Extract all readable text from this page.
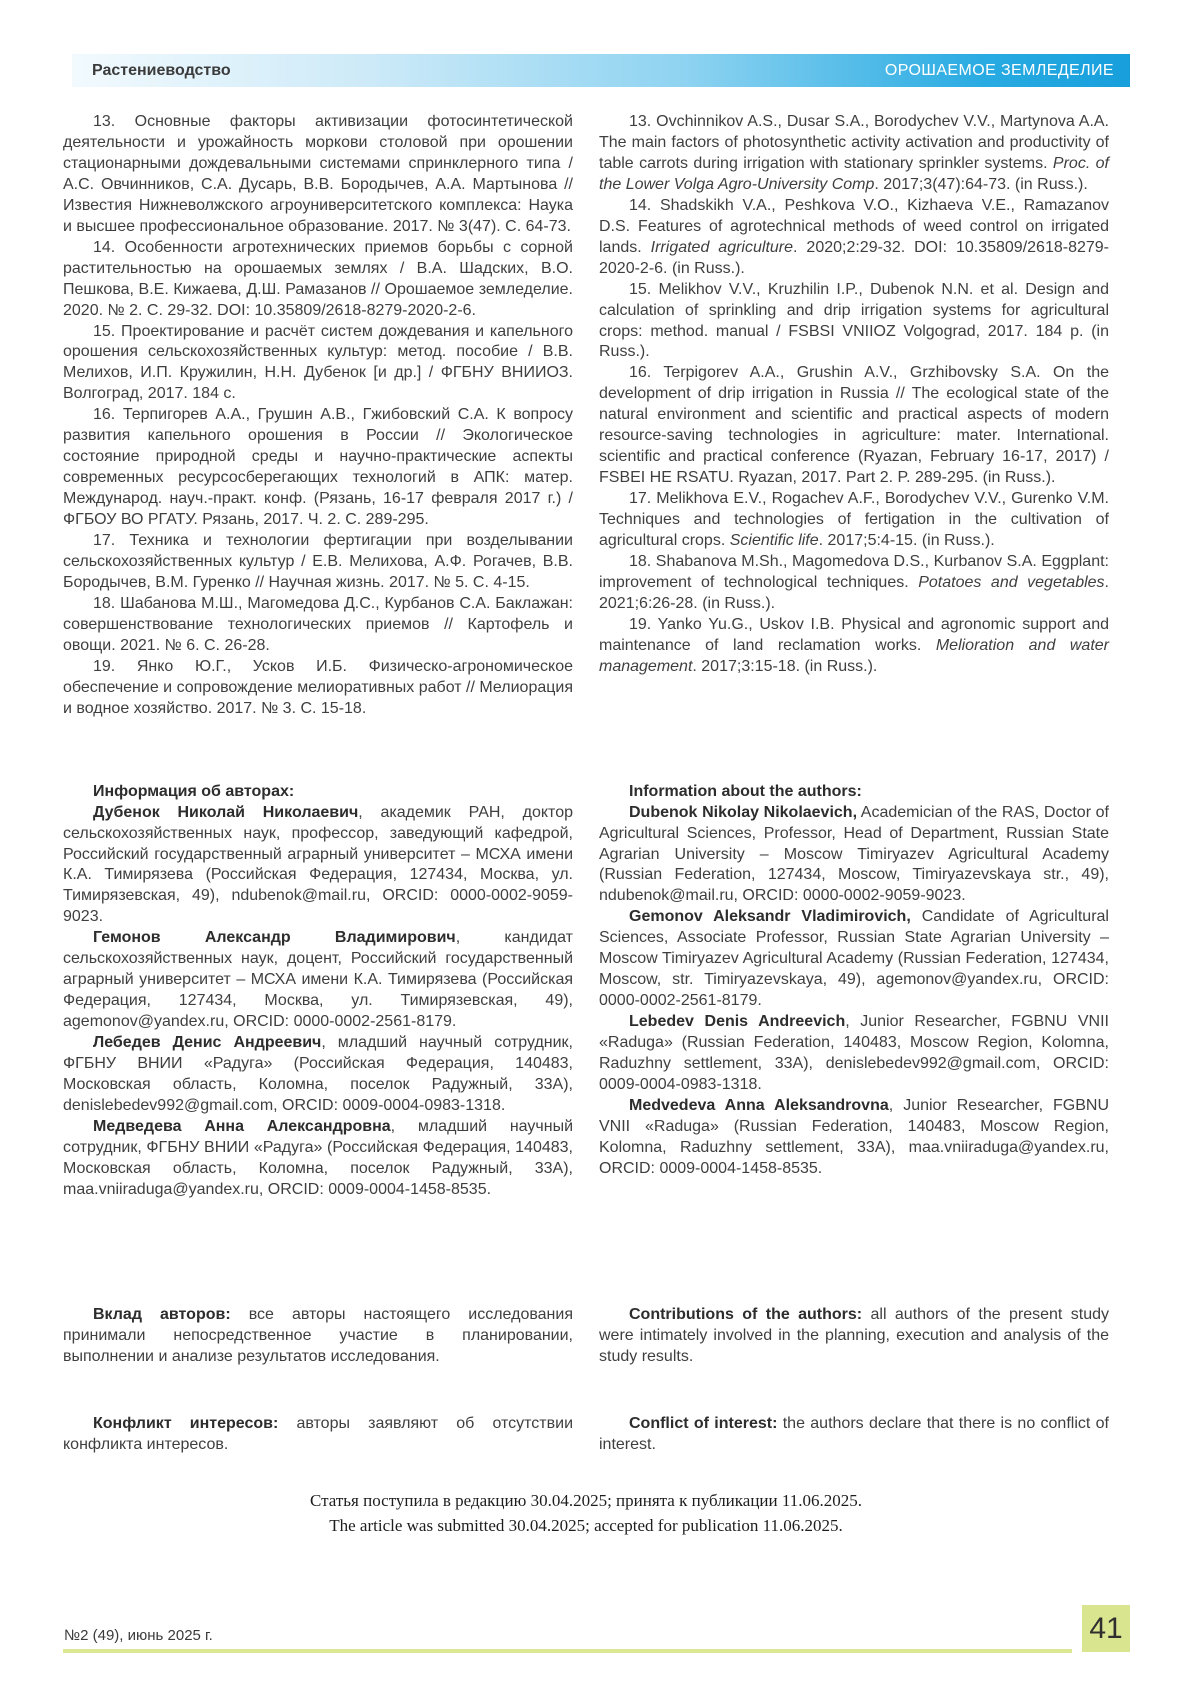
Растениеводство	ОРОШАЕМОЕ ЗЕМЛЕДЕЛИЕ

13. Основные факторы активизации фотосинтетической деятельности и урожайность моркови столовой при орошении стационарными дождевальными системами спринклерного типа / А.С. Овчинников, С.А. Дусарь, В.В. Бородычев, А.А. Мартынова // Известия Нижневолжского агроуниверситетского комплекса: Наука и высшее профессиональное образование. 2017. № 3(47). С. 64-73.

14. Особенности агротехнических приемов борьбы с сорной растительностью на орошаемых землях / В.А. Шадских, В.О. Пешкова, В.Е. Кижаева, Д.Ш. Рамазанов // Орошаемое земледелие. 2020. № 2. С. 29-32. DOI: 10.35809/2618-8279-2020-2-6.

15. Проектирование и расчёт систем дождевания и капельного орошения сельскохозяйственных культур: метод. пособие / В.В. Мелихов, И.П. Кружилин, Н.Н. Дубенок [и др.] / ФГБНУ ВНИИОЗ. Волгоград, 2017. 184 с.

16. Терпигорев А.А., Грушин А.В., Гжибовский С.А. К вопросу развития капельного орошения в России // Экологическое состояние природной среды и научно-практические аспекты современных ресурсосберегающих технологий в АПК: матер. Международ. науч.-практ. конф. (Рязань, 16-17 февраля 2017 г.) / ФГБОУ ВО РГАТУ. Рязань, 2017. Ч. 2. С. 289-295.

17. Техника и технологии фертигации при возделывании сельскохозяйственных культур / Е.В. Мелихова, А.Ф. Рогачев, В.В. Бородычев, В.М. Гуренко // Научная жизнь. 2017. № 5. С. 4-15.

18. Шабанова М.Ш., Магомедова Д.С., Курбанов С.А. Баклажан: совершенствование технологических приемов // Картофель и овощи. 2021. № 6. С. 26-28.

19. Янко Ю.Г., Усков И.Б. Физическо-агрономическое обеспечение и сопровождение мелиоративных работ // Мелиорация и водное хозяйство. 2017. № 3. С. 15-18.

13. Ovchinnikov A.S., Dusar S.A., Borodychev V.V., Martynova A.A. The main factors of photosynthetic activity activation and productivity of table carrots during irrigation with stationary sprinkler systems. Proc. of the Lower Volga Agro-University Comp. 2017;3(47):64-73. (in Russ.).

14. Shadskikh V.A., Peshkova V.O., Kizhaeva V.E., Ramazanov D.S. Features of agrotechnical methods of weed control on irrigated lands. Irrigated agriculture. 2020;2:29-32. DOI: 10.35809/2618-8279-2020-2-6. (in Russ.).

15. Melikhov V.V., Kruzhilin I.P., Dubenok N.N. et al. Design and calculation of sprinkling and drip irrigation systems for agricultural crops: method. manual / FSBSI VNIIOZ Volgograd, 2017. 184 p. (in Russ.).

16. Terpigorev A.A., Grushin A.V., Grzhibovsky S.A. On the development of drip irrigation in Russia // The ecological state of the natural environment and scientific and practical aspects of modern resource-saving technologies in agriculture: mater. International. scientific and practical conference (Ryazan, February 16-17, 2017) / FSBEI HE RSATU. Ryazan, 2017. Part 2. P. 289-295. (in Russ.).

17. Melikhova E.V., Rogachev A.F., Borodychev V.V., Gurenko V.M. Techniques and technologies of fertigation in the cultivation of agricultural crops. Scientific life. 2017;5:4-15. (in Russ.).

18. Shabanova M.Sh., Magomedova D.S., Kurbanov S.A. Eggplant: improvement of technological techniques. Potatoes and vegetables. 2021;6:26-28. (in Russ.).

19. Yanko Yu.G., Uskov I.B. Physical and agronomic support and maintenance of land reclamation works. Melioration and water management. 2017;3:15-18. (in Russ.).

Информация об авторах:

Дубенок Николай Николаевич, академик РАН, доктор сельскохозяйственных наук, профессор, заведующий кафедрой, Российский государственный аграрный университет – МСХА имени К.А. Тимирязева (Российская Федерация, 127434, Москва, ул. Тимирязевская, 49), ndubenok@mail.ru, ORCID: 0000-0002-9059-9023.

Гемонов Александр Владимирович, кандидат сельскохозяйственных наук, доцент, Российский государственный аграрный университет – МСХА имени К.А. Тимирязева (Российская Федерация, 127434, Москва, ул. Тимирязевская, 49), agemonov@yandex.ru, ORCID: 0000-0002-2561-8179.

Лебедев Денис Андреевич, младший научный сотрудник, ФГБНУ ВНИИ «Радуга» (Российская Федерация, 140483, Московская область, Коломна, поселок Радужный, 33А), denislebedev992@gmail.com, ORCID: 0009-0004-0983-1318.

Медведева Анна Александровна, младший научный сотрудник, ФГБНУ ВНИИ «Радуга» (Российская Федерация, 140483, Московская область, Коломна, поселок Радужный, 33А), maa.vniiraduga@yandex.ru, ORCID: 0009-0004-1458-8535.

Information about the authors:

Dubenok Nikolay Nikolaevich, Academician of the RAS, Doctor of Agricultural Sciences, Professor, Head of Department, Russian State Agrarian University – Moscow Timiryazev Agricultural Academy (Russian Federation, 127434, Moscow, Timiryazevskaya str., 49), ndubenok@mail.ru, ORCID: 0000-0002-9059-9023.

Gemonov Aleksandr Vladimirovich, Candidate of Agricultural Sciences, Associate Professor, Russian State Agrarian University – Moscow Timiryazev Agricultural Academy (Russian Federation, 127434, Moscow, str. Timiryazevskaya, 49), agemonov@yandex.ru, ORCID: 0000-0002-2561-8179.

Lebedev Denis Andreevich, Junior Researcher, FGBNU VNII «Raduga» (Russian Federation, 140483, Moscow Region, Kolomna, Raduzhny settlement, 33A), denislebedev992@gmail.com, ORCID: 0009-0004-0983-1318.

Medvedeva Anna Aleksandrovna, Junior Researcher, FGBNU VNII «Raduga» (Russian Federation, 140483, Moscow Region, Kolomna, Raduzhny settlement, 33A), maa.vniiraduga@yandex.ru, ORCID: 0009-0004-1458-8535.

Вклад авторов: все авторы настоящего исследования принимали непосредственное участие в планировании, выполнении и анализе результатов исследования.

Contributions of the authors: all authors of the present study were intimately involved in the planning, execution and analysis of the study results.

Конфликт интересов: авторы заявляют об отсутствии конфликта интересов.

Conflict of interest: the authors declare that there is no conflict of interest.

Статья поступила в редакцию 30.04.2025; принята к публикации 11.06.2025.

The article was submitted 30.04.2025; accepted for publication 11.06.2025.

№2 (49), июнь 2025 г.	41
